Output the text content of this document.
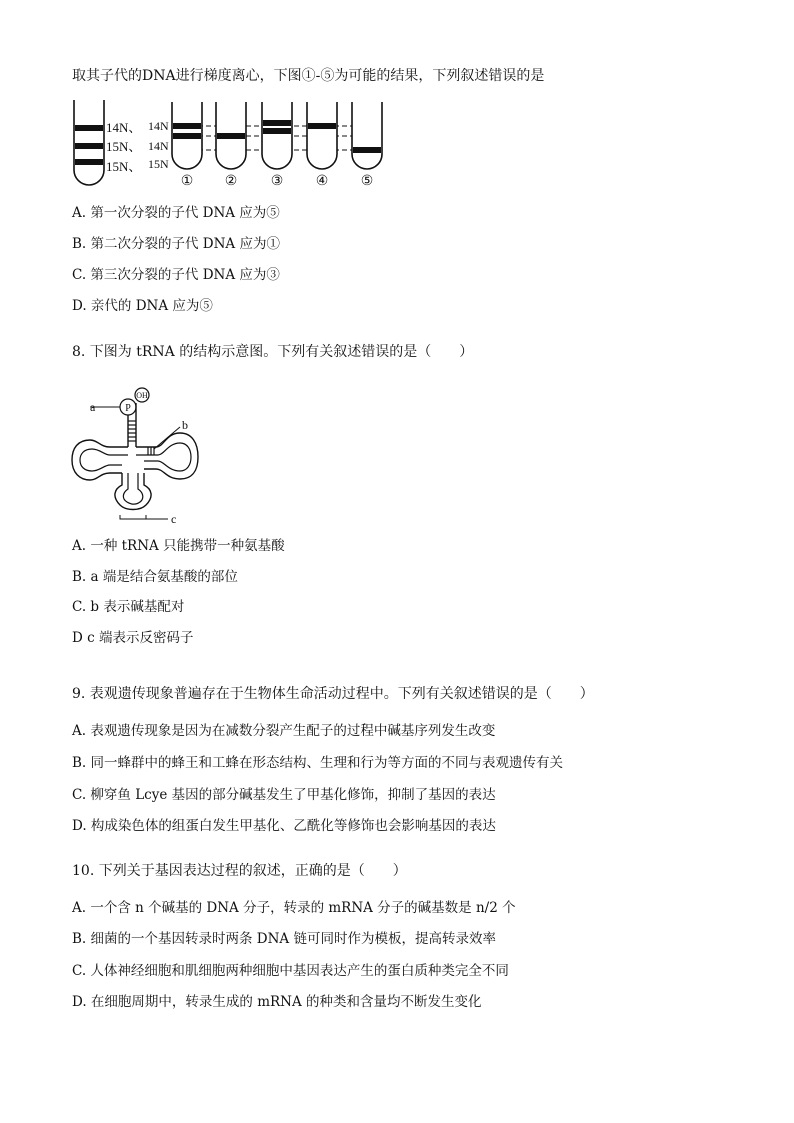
取其子代的DNA进行梯度离心，下图①-⑤为可能的结果，下列叙述错误的是
14N、
15N、
15N、
14N
14N
15N
① ② ③ ④ ⑤
A. 第一次分裂的子代 DNA 应为⑤
B. 第二次分裂的子代 DNA 应为①
C. 第三次分裂的子代 DNA 应为③
D. 亲代的 DNA 应为⑤
8. 下图为 tRNA 的结构示意图。下列有关叙述错误的是（　　）
a	P
OH
b
c
A. 一种 tRNA 只能携带一种氨基酸
B. a 端是结合氨基酸的部位
C. b 表示碱基配对
D c 端表示反密码子
9. 表观遗传现象普遍存在于生物体生命活动过程中。下列有关叙述错误的是（　　）
A. 表观遗传现象是因为在减数分裂产生配子的过程中碱基序列发生改变
B. 同一蜂群中的蜂王和工蜂在形态结构、生理和行为等方面的不同与表观遗传有关
C. 柳穿鱼 Lcye 基因的部分碱基发生了甲基化修饰，抑制了基因的表达
D. 构成染色体的组蛋白发生甲基化、乙酰化等修饰也会影响基因的表达
10. 下列关于基因表达过程的叙述，正确的是（　　）
A. 一个含 n 个碱基的 DNA 分子，转录的 mRNA 分子的碱基数是 n/2 个
B. 细菌的一个基因转录时两条 DNA 链可同时作为模板，提高转录效率
C. 人体神经细胞和肌细胞两种细胞中基因表达产生的蛋白质种类完全不同
D. 在细胞周期中，转录生成的 mRNA 的种类和含量均不断发生变化
